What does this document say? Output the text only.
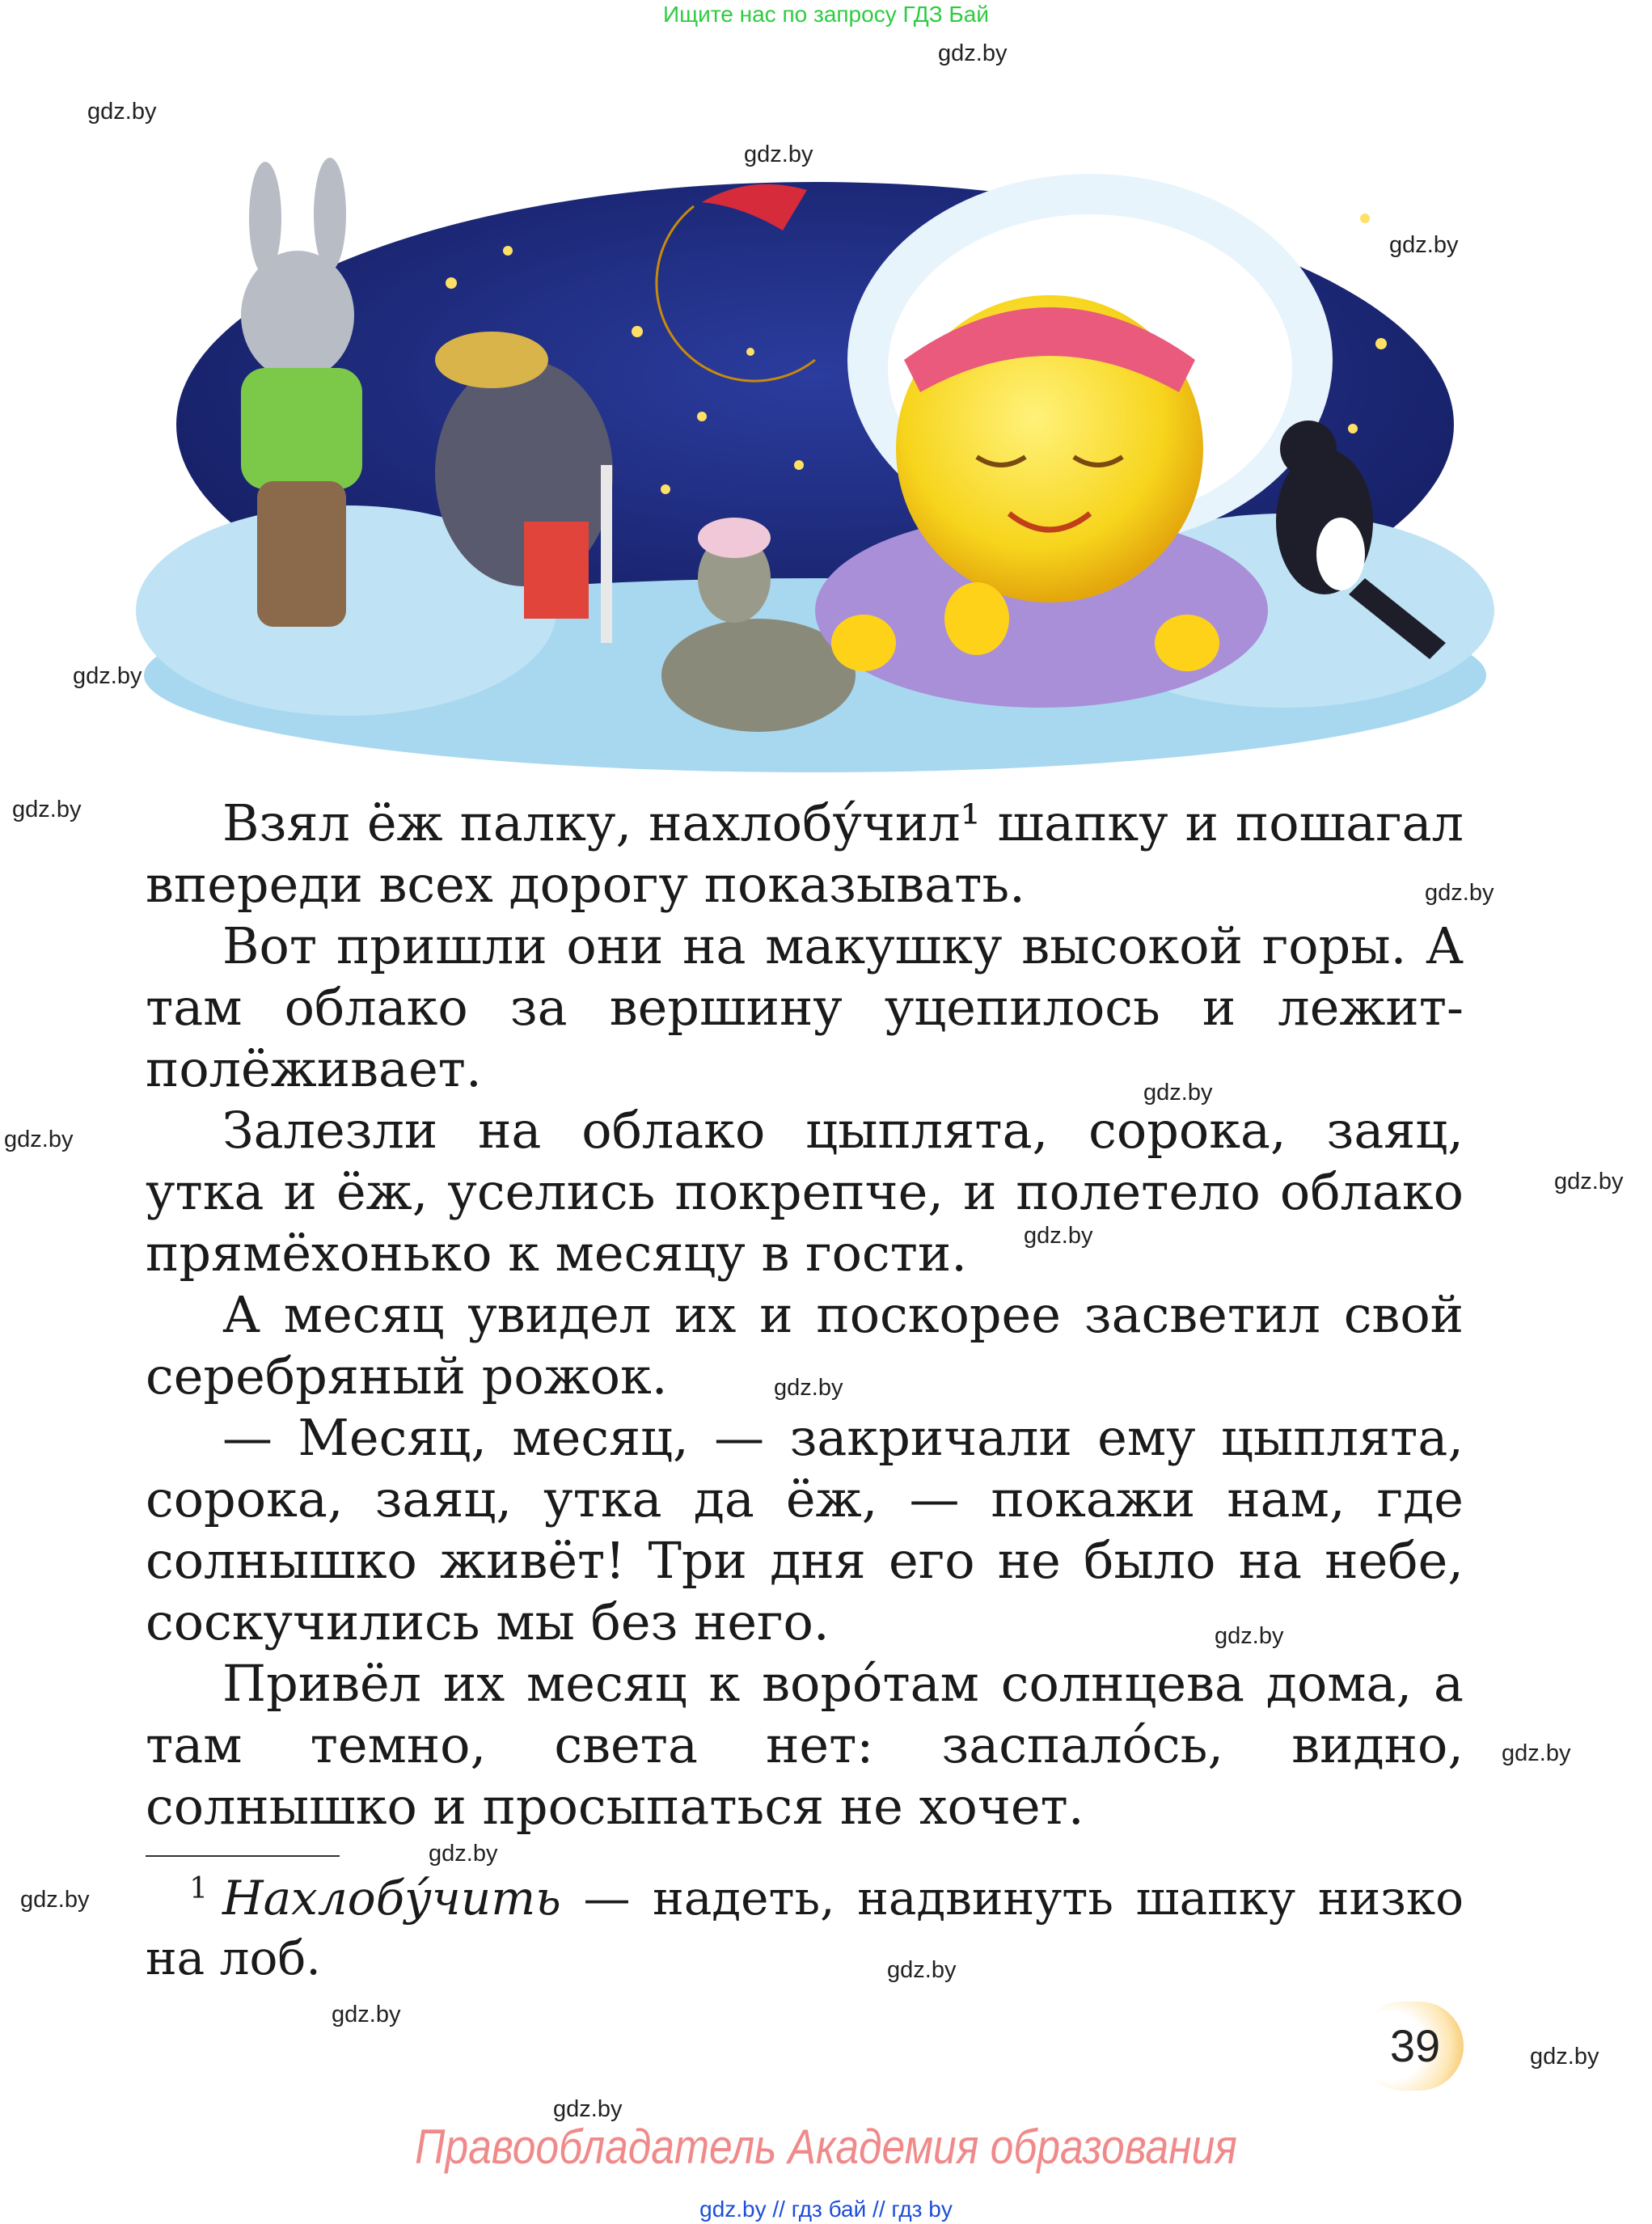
Ищите нас по запросу ГДЗ Бай
gdz.by
gdz.by
gdz.by
gdz.by
gdz.by
gdz.by
gdz.by
gdz.by
gdz.by
gdz.by
gdz.by
gdz.by
gdz.by
gdz.by
gdz.by
gdz.by
gdz.by
gdz.by
gdz.by
gdz.by

Взял ёж палку, нахлобу́чил¹ шапку и пошагал впереди всех дорогу показывать.

Вот пришли они на макушку высокой горы. А там облако за вершину уцепилось и лежит-полёживает.

Залезли на облако цыплята, сорока, заяц, утка и ёж, уселись покрепче, и полетело облако прямёхонько к месяцу в гости.

А месяц увидел их и поскорее засветил свой серебряный рожок.

— Месяц, месяц, — закричали ему цыплята, сорока, заяц, утка да ёж, — покажи нам, где солнышко живёт! Три дня его не было на небе, соскучились мы без него.

Привёл их месяц к воро́там солнцева дома, а там темно, света нет: заспало́сь, видно, солнышко и просыпаться не хочет.

1 Нахлобу́чить — надеть, надвинуть шапку низко на лоб.
39
Правообладатель Академия образования
gdz.by // гдз бай // гдз by
